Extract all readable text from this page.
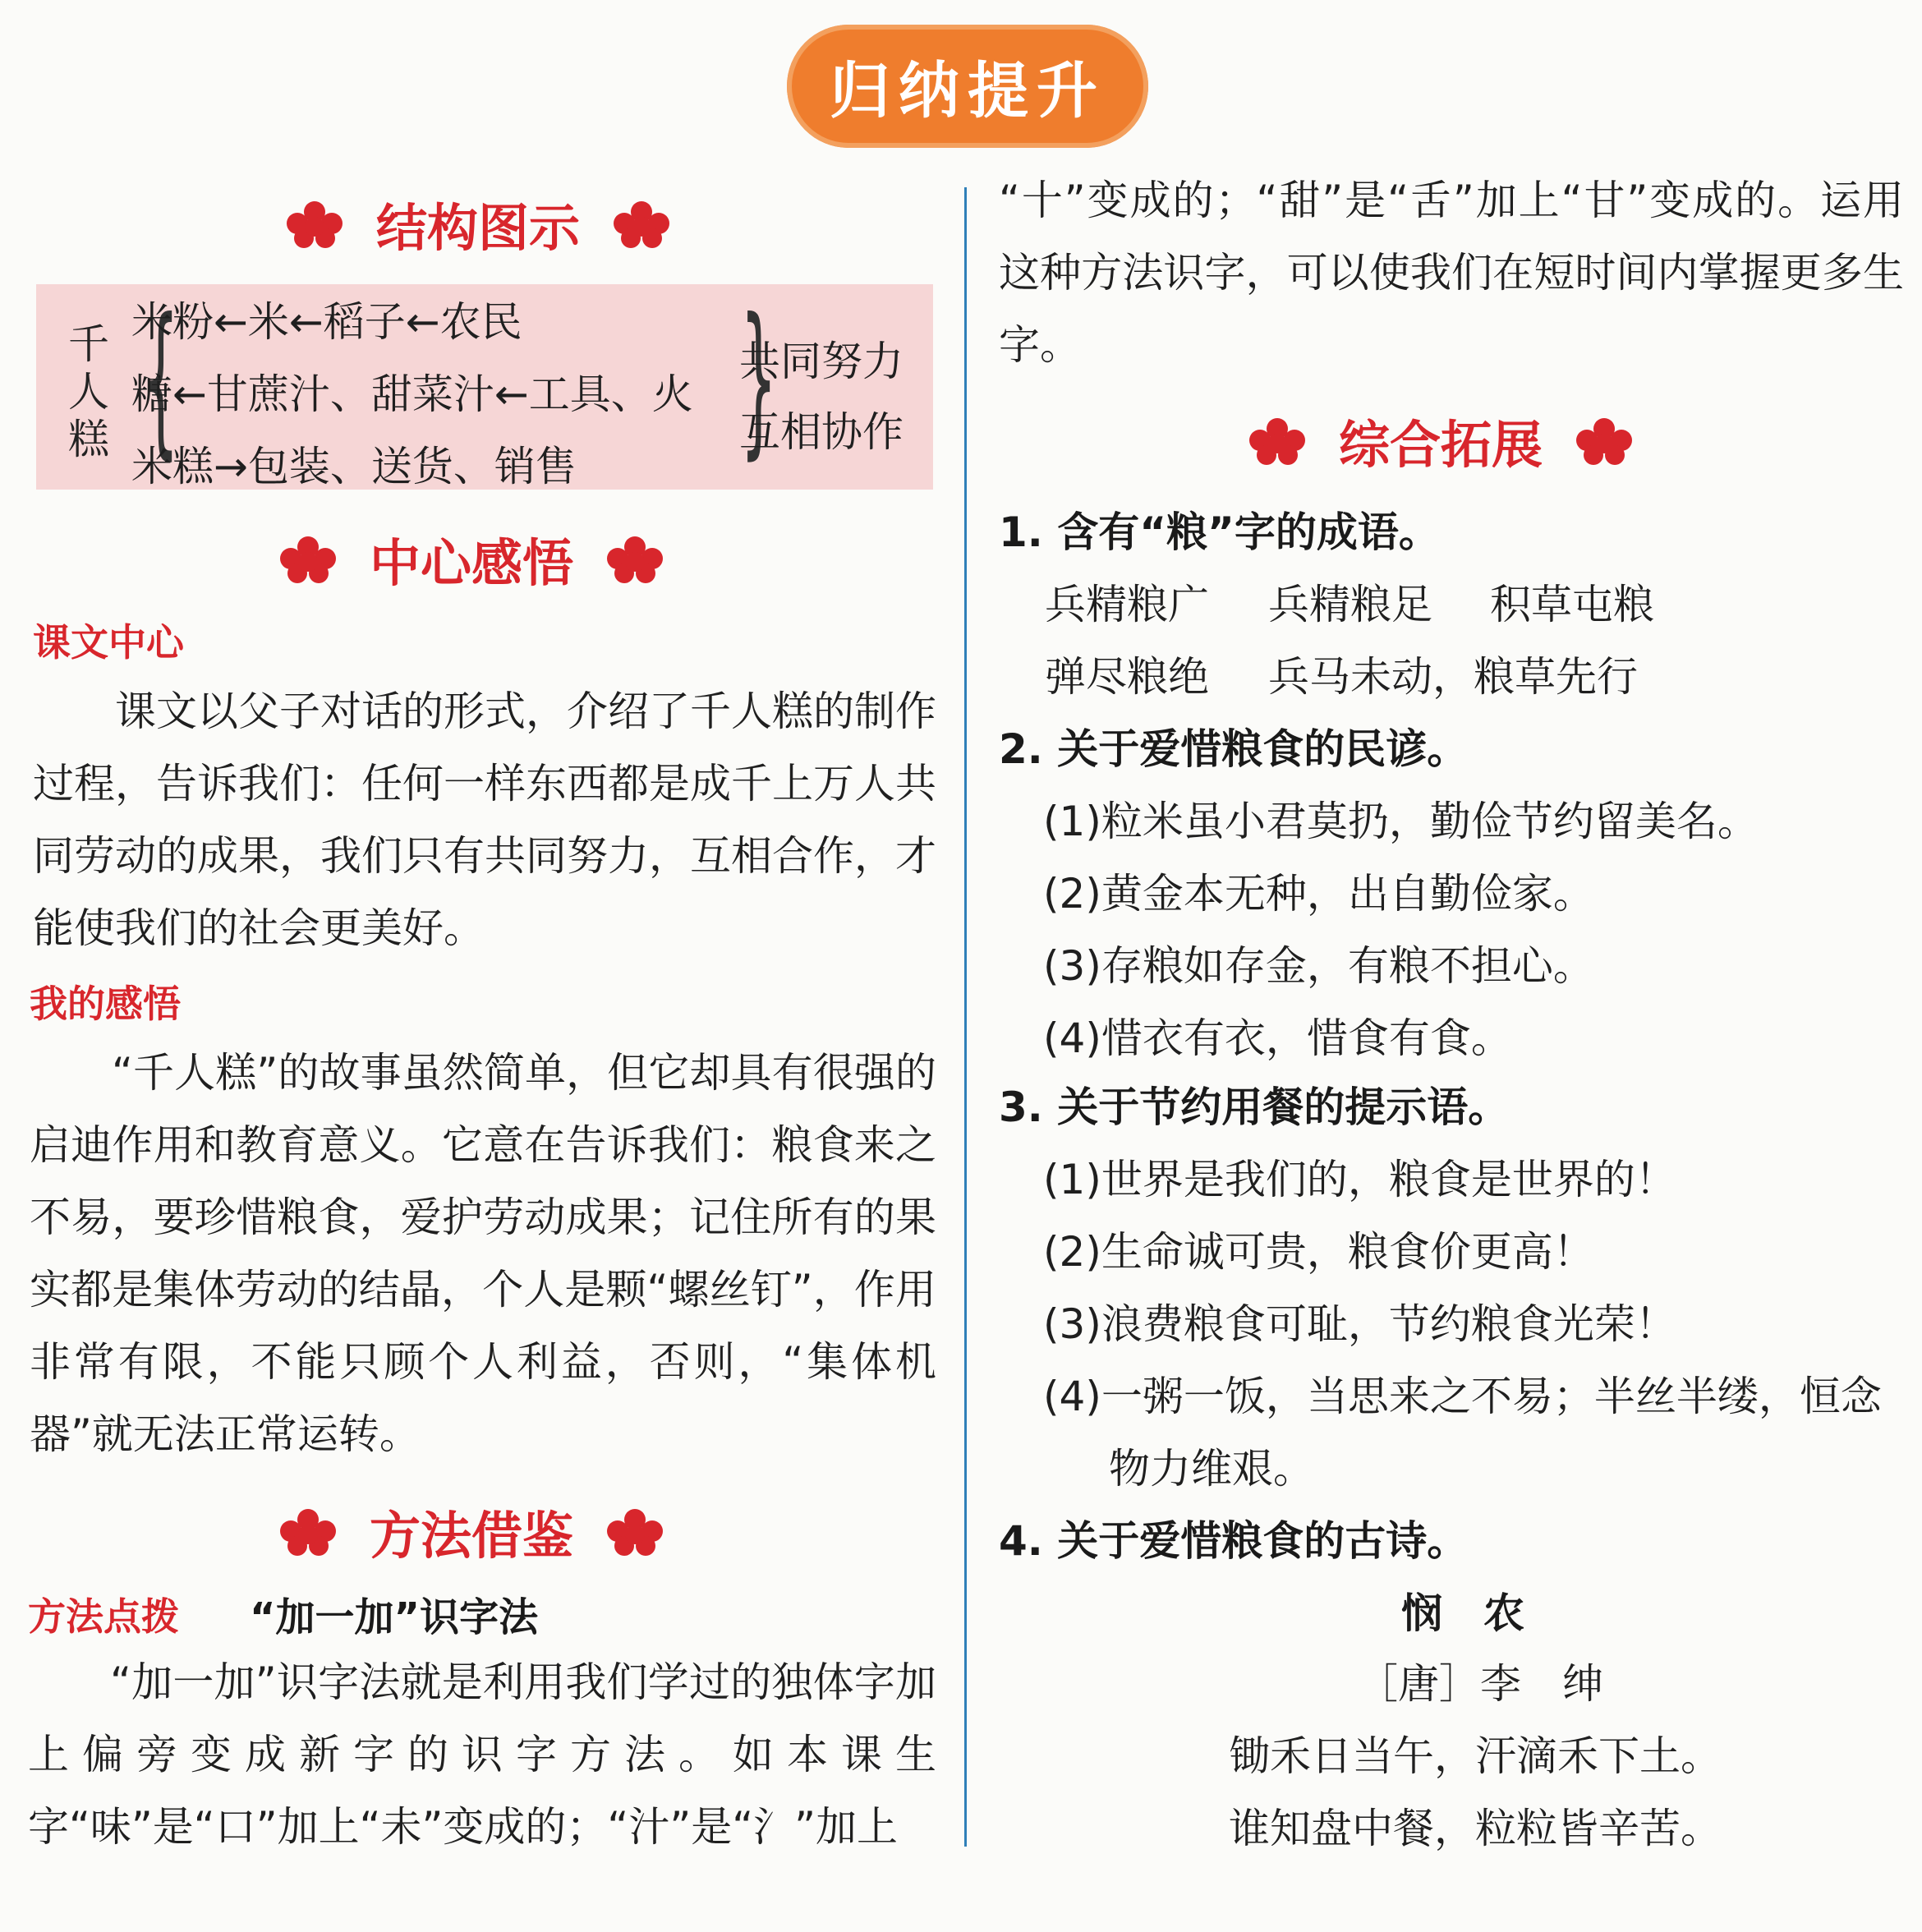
归纳提升
结构图示
千
人
糕 {
米粉←米←稻子←农民
糖←甘蔗汁、甜菜汁←工具、火
米糕→包装、送货、销售 }
共同努力
互相协作
中心感悟
课文中心

课文以父子对话的形式，介绍了千人糕的制作过程，告诉我们：任何一样东西都是成千上万人共同劳动的成果，我们只有共同努力，互相合作，才能使我们的社会更美好。

我的感悟

“千人糕”的故事虽然简单，但它却具有很强的启迪作用和教育意义。它意在告诉我们：粮食来之不易，要珍惜粮食，爱护劳动成果；记住所有的果实都是集体劳动的结晶，个人是颗“螺丝钉”，作用非常有限，不能只顾个人利益，否则，“集体机器”就无法正常运转。

方法借鉴
方法点拨 “加一加”识字法

“加一加”识字法就是利用我们学过的独体字加上偏旁变成新字的识字方法。如本课生字“味”是“口”加上“未”变成的；“汁”是“氵”加上

“十”变成的；“甜”是“舌”加上“甘”变成的。运用这种方法识字，可以使我们在短时间内掌握更多生字。

综合拓展
1. 含有“粮”字的成语。
兵精粮广 兵精粮足 积草屯粮
弹尽粮绝 兵马未动，粮草先行
2. 关于爱惜粮食的民谚。
(1)粒米虽小君莫扔，勤俭节约留美名。
(2)黄金本无种，出自勤俭家。
(3)存粮如存金，有粮不担心。
(4)惜衣有衣，惜食有食。
3. 关于节约用餐的提示语。
(1)世界是我们的，粮食是世界的！
(2)生命诚可贵，粮食价更高！
(3)浪费粮食可耻，节约粮食光荣！
(4)一粥一饭，当思来之不易；半丝半缕，恒念
物力维艰。
4. 关于爱惜粮食的古诗。
悯　农
［唐］李　绅
锄禾日当午，汗滴禾下土。
谁知盘中餐，粒粒皆辛苦。
